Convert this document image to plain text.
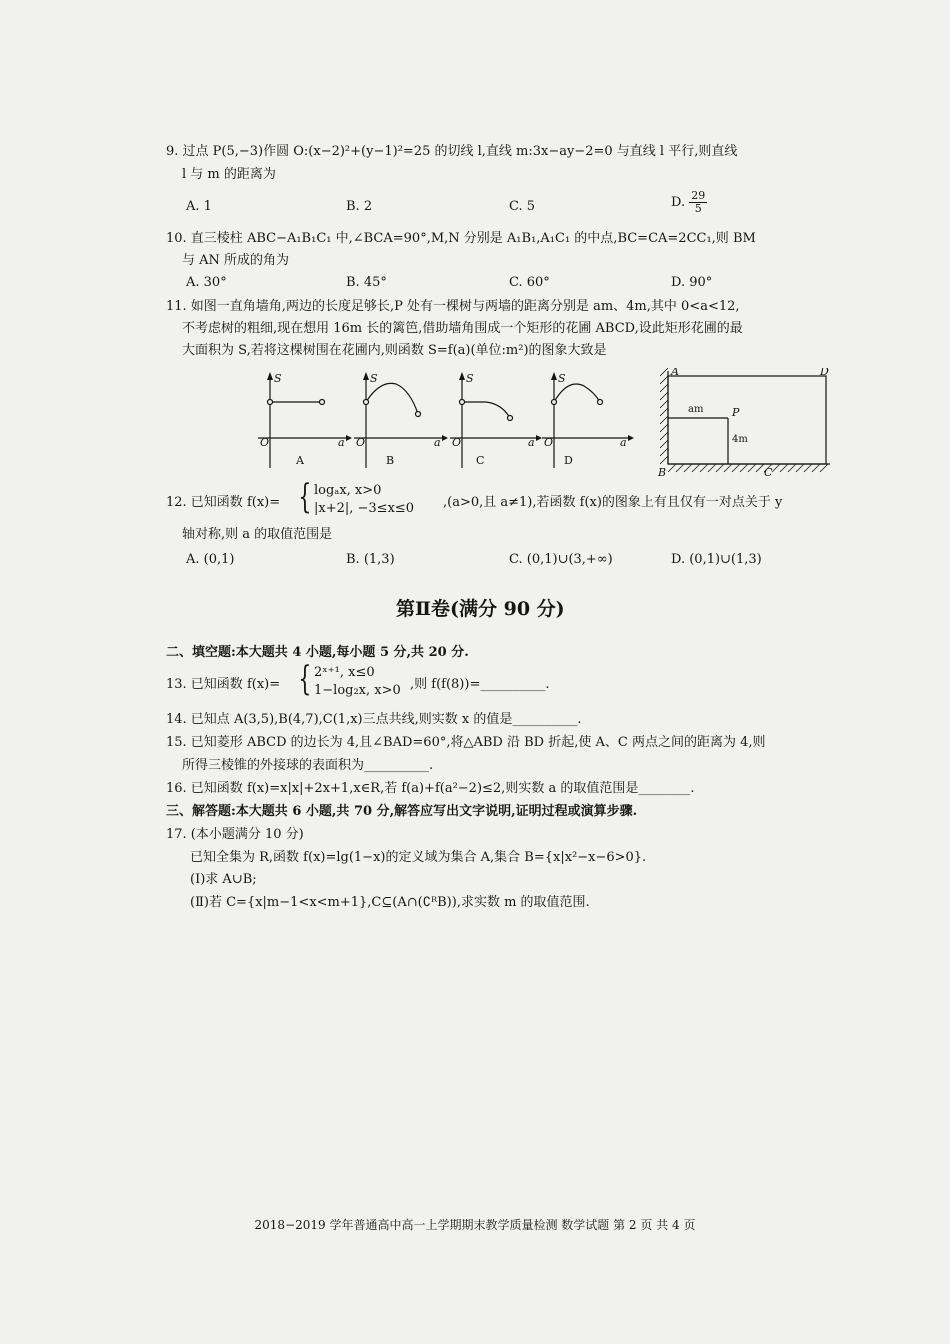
9. 过点 P(5,−3)作圆 O:(x−2)²+(y−1)²=25 的切线 l,直线 m:3x−ay−2=0 与直线 l 平行,则直线
l 与 m 的距离为
A. 1	B. 2	C. 5	D. $\frac{29}{5}$
10. 直三棱柱 ABC−A₁B₁C₁ 中,∠BCA=90°,M,N 分别是 A₁B₁,A₁C₁ 的中点,BC=CA=2CC₁,则 BM
与 AN 所成的角为
A. 30°	B. 45°	C. 60°	D. 90°
11. 如图一直角墙角,两边的长度足够长,P 处有一棵树与两墙的距离分别是 am、4m,其中 0<a<12,
不考虑树的粗细,现在想用 16m 长的篱笆,借助墙角围成一个矩形的花圃 ABCD,设此矩形花圃的最
大面积为 S,若将这棵树围在花圃内,则函数 S=f(a)(单位:m²)的图象大致是
S
O	a
S
O	a
S
O	a
S
O	a
A	B	C	D
A	D
B	C
P
am
4m
12. 已知函数 f(x)= { logₐx, x>0
|x+2|, −3≤x≤0 ,(a>0,且 a≠1),若函数 f(x)的图象上有且仅有一对点关于 y
轴对称,则 a 的取值范围是
A. (0,1)	B. (1,3)	C. (0,1)∪(3,+∞)	D. (0,1)∪(1,3)
第Ⅱ卷(满分 90 分)
二、填空题:本大题共 4 小题,每小题 5 分,共 20 分.
13. 已知函数 f(x)= { 2ˣ⁺¹, x≤0
1−log₂x, x>0 ,则 f(f(8))=__________.
14. 已知点 A(3,5),B(4,7),C(1,x)三点共线,则实数 x 的值是__________.
15. 已知菱形 ABCD 的边长为 4,且∠BAD=60°,将△ABD 沿 BD 折起,使 A、C 两点之间的距离为 4,则
所得三棱锥的外接球的表面积为__________.
16. 已知函数 f(x)=x|x|+2x+1,x∈R,若 f(a)+f(a²−2)≤2,则实数 a 的取值范围是________.
三、解答题:本大题共 6 小题,共 70 分,解答应写出文字说明,证明过程或演算步骤.
17. (本小题满分 10 分)
已知全集为 R,函数 f(x)=lg(1−x)的定义域为集合 A,集合 B={x|x²−x−6>0}.
(Ⅰ)求 A∪B;
(Ⅱ)若 C={x|m−1<x<m+1},C⊆(A∩(∁ᴿB)),求实数 m 的取值范围.
2018−2019 学年普通高中高一上学期期末教学质量检测 数学试题 第 2 页 共 4 页
